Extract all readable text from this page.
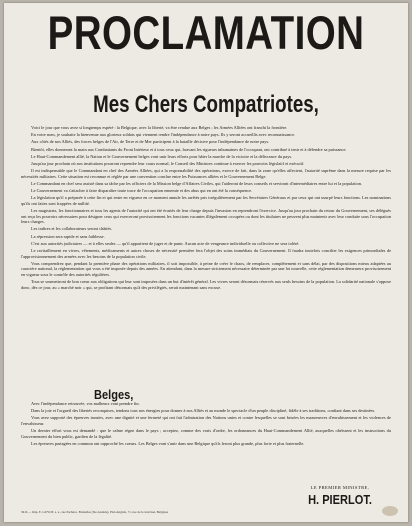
PROCLAMATION
Mes Chers Compatriotes,

Voici le jour que vous avez si longtemps espéré : la Belgique, avec la liberté, va être rendue aux Belges ; les Armées Alliées ont franchi la frontière.

En votre nom, je souhaite la bienvenue aux glorieux soldats qui viennent rendre l'indépendance à notre pays. Ils y seront accueillis avec reconnaissance.

Aux côtés de nos Alliés, des forces belges de l'Air, de Terre et de Mer participent à la bataille décisive pour l'indépendance de notre pays.

Bientôt, elles donneront la main aux Combattants du Front Intérieur et à tous ceux qui, bravant les rigueurs inhumaines de l'occupant, ont contribué à tenir et à défendre sa puissance.

Le Haut-Commandement allié, la Nation et le Gouvernement belges vont unir leurs efforts pour hâter la marche de la victoire et la délivrance du pays.

Jusqu'au jour prochain où nos institutions pourront reprendre leur cours normal, le Conseil des Ministres continue à exercer les pouvoirs législatif et exécutif.

Il est indispensable que le Commandant en chef des Armées Alliées, qui a la responsabilité des opérations, exerce de fait, dans la zone qu'elles affectent, l'autorité suprême dans la mesure requise par les nécessités militaires. Cette situation est reconnue et réglée par une convention conclue entre les Puissances alliées et le Gouvernement Belge.

Le Commandant en chef sera assisté dans sa tâche par les officiers de la Mission belge d'Affaires Civiles, qui l'aideront de leurs conseils et serviront d'intermédiaires entre lui et la population.

Le Gouvernement va s'attacher à faire disparaître toute trace de l'occupation ennemie et des abus qui en ont été la conséquence.

La législation qu'il a préparée à cette fin et qui entre en vigueur en ce moment annule les arrêtés pris irrégulièrement par les Secrétaires Généraux et par ceux qui ont usurpé leurs fonctions. Les nominations qu'ils ont faites sont frappées de nullité.

Les magistrats, les fonctionnaires et tous les agents de l'autorité qui ont été écartés de leur charge depuis l'invasion en reprendront l'exercice. Jusqu'au jour prochain du retour du Gouvernement, ses délégués ont reçu les pouvoirs nécessaires pour désigner ceux qui exerceront provisoirement les fonctions vacantes illégalement occupées ou dont les titulaires ne peuvent plus maintenir avec leur conduite sous l'occupation leurs charges.

Les traîtres et les collaborateurs seront châtiés.

La répression sera rapide et sans faiblesse.

C'est aux autorités judiciaires — et à elles seules — qu'il appartient de juger et de punir. Aucun acte de vengeance individuelle ou collective ne sera toléré.

Le ravitaillement en vivres, vêtements, médicaments et autres choses de nécessité première fera l'objet des soins immédiats du Gouvernement. Il faudra toutefois concilier les exigences primordiales de l'approvisionnement des armées avec les besoins de la population civile.

Vous comprendrez que, pendant la première phase des opérations militaires, il soit impossible, à peine de créer le chaos, de remplacer, complètement et sans délai, par des dispositions mieux adaptées au caractère national, la réglementation qui vous a été imposée depuis des années. En attendant, dans la mesure strictement nécessaire déterminée par une loi nouvelle, cette réglementation demeurera provisoirement en vigueur sous le contrôle des autorités régulières.

Tous se soumettront de bon coeur aux obligations qui leur sont imposées dans un but d'intérêt général. Les vivres seront désormais réservés aux seuls besoins de la population. La solidarité nationale s'oppose donc, dès ce jour, au « marché noir » qui, se profitant désormais qu'à des privilégiés, serait maintenant sans excuse.

Belges,

Avec l'indépendance retrouvée, vos malheurs vont prendre fin.

Dans la joie et l'orgueil des libertés reconquises, tendons tous nos énergies pour donner à nos Alliés et au monde le spectacle d'un peuple discipliné, fidèle à ses traditions, confiant dans ses destinées.

Vous avez supporté des épreuves inouïes, avec une dignité et une fermeté qui ont fait l'admiration des Nations unies et contre lesquelles se sont brisées les manoeuvres d'envahissement et les violences de l'envahisseur.

Un dernier effort vous est demandé : que le calme règne dans le pays ; acceptez, comme des vrais d'ordre, les ordonnances du Haut-Commandement Allié, auxquelles obéissent et les instructions du Gouvernement du bien public, gardien de la légalité.

Les épreuves partagées en commun ont rapproché les coeurs. Les Belges vont s'unir dans une Belgique qu'ils feront plus grande, plus forte et plus fraternelle.

LE PREMIER MINISTRE,
H. PIERLOT.
3616 — Imp. E. GUYOT, s. a., rue Pachéco, Bruxelles (Ste-Gudule), Plan Anglais, 71, rue de la Jonction, Belgique
